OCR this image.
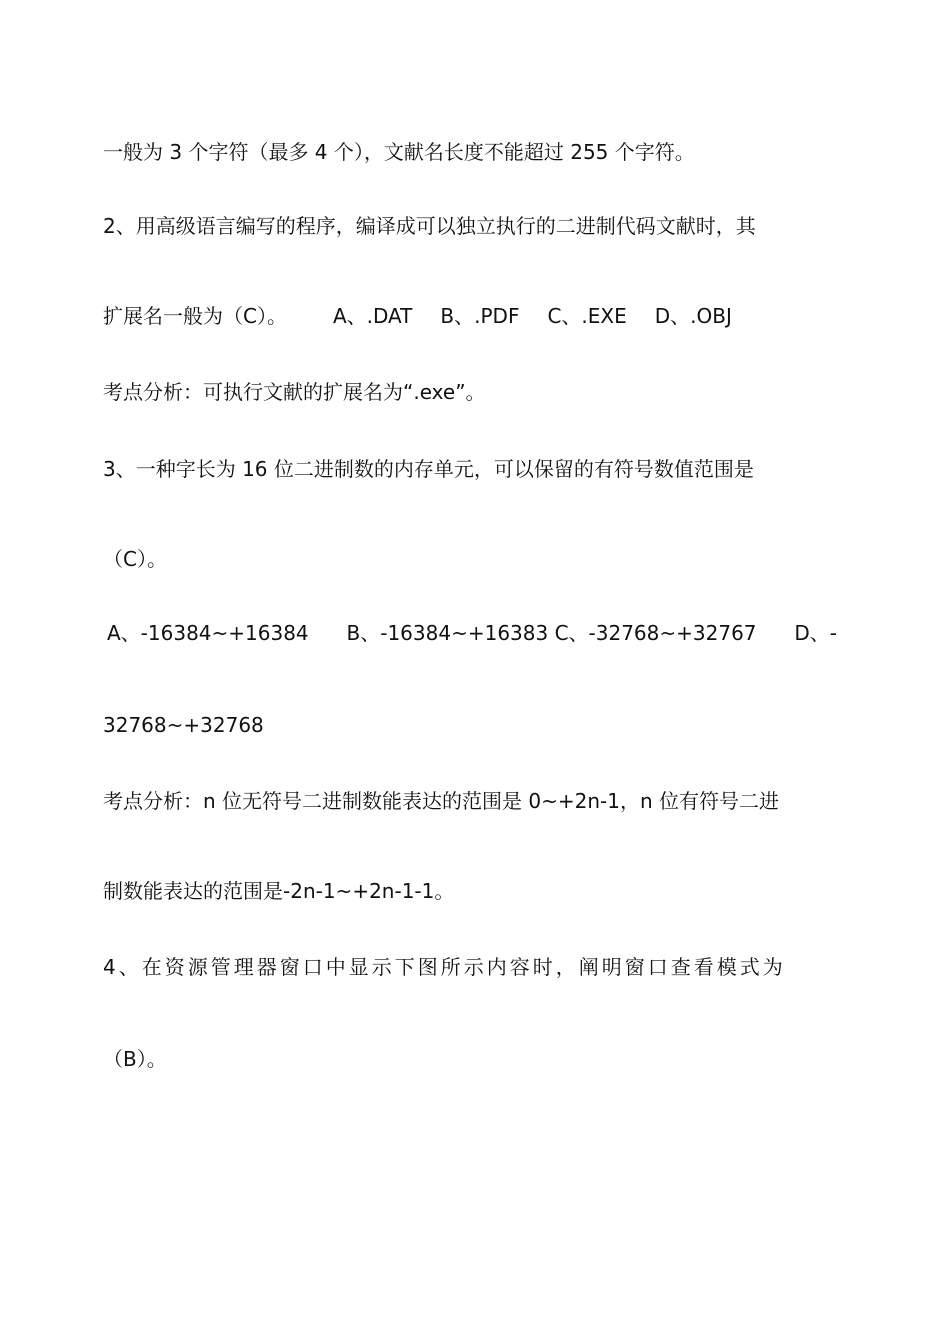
一般为 3 个字符（最多 4 个），文献名长度不能超过 255 个字符。
2、用高级语言编写的程序，编译成可以独立执行的二进制代码文献时，其
扩展名一般为（C）。 A、.DAT B、.PDF C、.EXE D、.OBJ
考点分析：可执行文献的扩展名为“.exe”。
3、一种字长为 16 位二进制数的内存单元，可以保留的有符号数值范围是
（C）。
A、-16384~+16384 B、-16384~+16383 C、-32768~+32767 D、-
32768~+32768
考点分析：n 位无符号二进制数能表达的范围是 0~+2n-1，n 位有符号二进
制数能表达的范围是-2n-1~+2n-1-1。
4、在资源管理器窗口中显示下图所示内容时，阐明窗口查看模式为
（B）。
